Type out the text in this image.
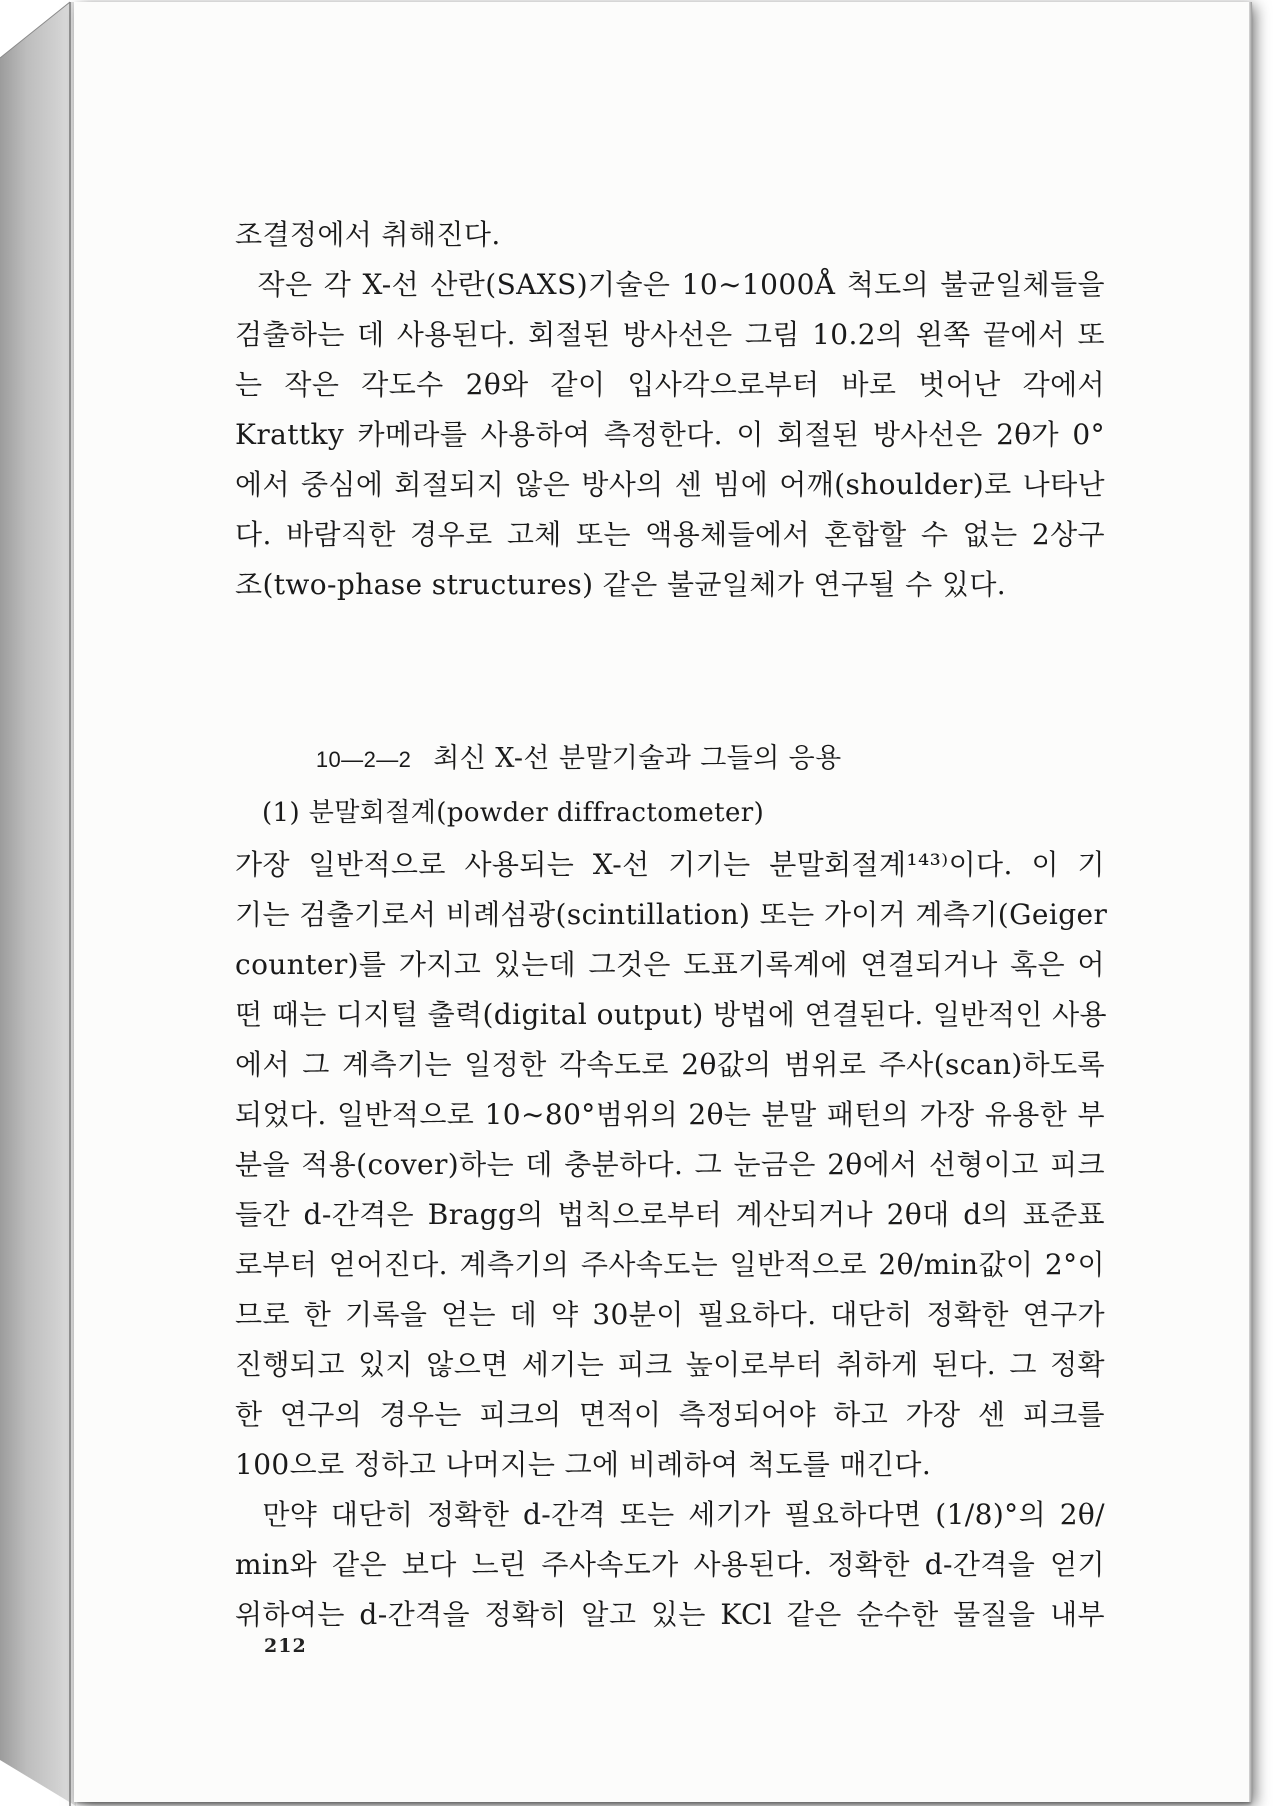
조결정에서 취해진다.
작은 각 X-선 산란(SAXS)기술은 10∼1000Å 척도의 불균일체들을
검출하는 데 사용된다. 회절된 방사선은 그림 10.2의 왼쪽 끝에서 또
는 작은 각도수 2θ와 같이 입사각으로부터 바로 벗어난 각에서
Krattky 카메라를 사용하여 측정한다. 이 회절된 방사선은 2θ가 0°
에서 중심에 회절되지 않은 방사의 센 빔에 어깨(shoulder)로 나타난
다. 바람직한 경우로 고체 또는 액용체들에서 혼합할 수 없는 2상구
조(two-phase structures) 같은 불균일체가 연구될 수 있다.

10—2—2 최신 X-선 분말기술과 그들의 응용

(1) 분말회절계(powder diffractometer)
가장 일반적으로 사용되는 X-선 기기는 분말회절계¹⁴³⁾이다. 이 기
기는 검출기로서 비례섬광(scintillation) 또는 가이거 계측기(Geiger
counter)를 가지고 있는데 그것은 도표기록계에 연결되거나 혹은 어
떤 때는 디지털 출력(digital output) 방법에 연결된다. 일반적인 사용
에서 그 계측기는 일정한 각속도로 2θ값의 범위로 주사(scan)하도록
되었다. 일반적으로 10∼80°범위의 2θ는 분말 패턴의 가장 유용한 부
분을 적용(cover)하는 데 충분하다. 그 눈금은 2θ에서 선형이고 피크
들간 d-간격은 Bragg의 법칙으로부터 계산되거나 2θ대 d의 표준표
로부터 얻어진다. 계측기의 주사속도는 일반적으로 2θ/min값이 2°이
므로 한 기록을 얻는 데 약 30분이 필요하다. 대단히 정확한 연구가
진행되고 있지 않으면 세기는 피크 높이로부터 취하게 된다. 그 정확
한 연구의 경우는 피크의 면적이 측정되어야 하고 가장 센 피크를
100으로 정하고 나머지는 그에 비례하여 척도를 매긴다.
만약 대단히 정확한 d-간격 또는 세기가 필요하다면 (1/8)°의 2θ/
min와 같은 보다 느린 주사속도가 사용된다. 정확한 d-간격을 얻기
위하여는 d-간격을 정확히 알고 있는 KCl 같은 순수한 물질을 내부
212
